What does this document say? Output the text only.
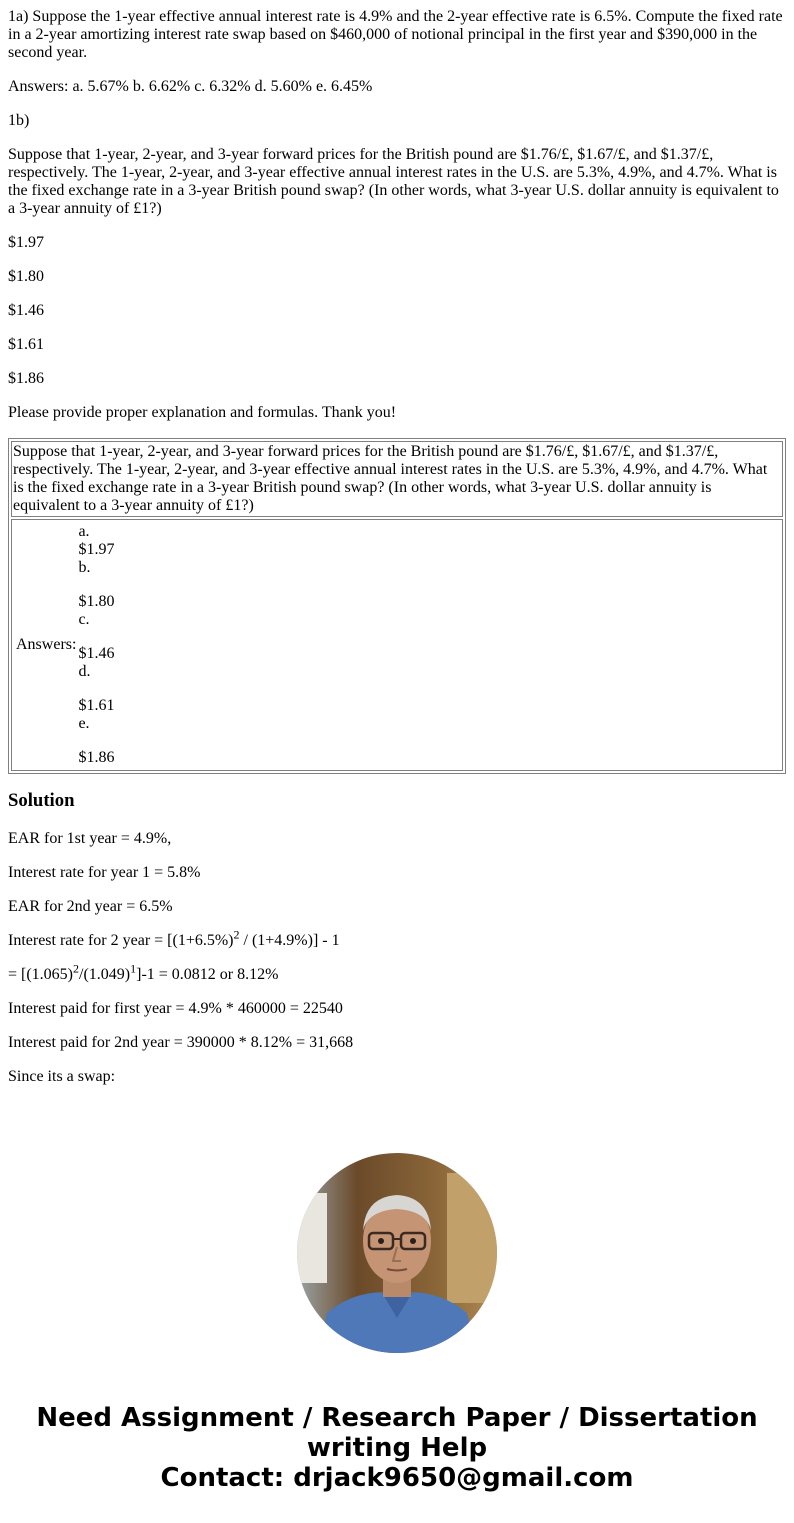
1a) Suppose the 1-year effective annual interest rate is 4.9% and the 2-year effective rate is 6.5%. Compute the fixed rate in a 2-year amortizing interest rate swap based on $460,000 of notional principal in the first year and $390,000 in the second year.

Answers: a. 5.67% b. 6.62% c. 6.32% d. 5.60% e. 6.45%

1b)

Suppose that 1-year, 2-year, and 3-year forward prices for the British pound are $1.76/£, $1.67/£, and $1.37/£, respectively. The 1-year, 2-year, and 3-year effective annual interest rates in the U.S. are 5.3%, 4.9%, and 4.7%. What is the fixed exchange rate in a 3-year British pound swap? (In other words, what 3-year U.S. dollar annuity is equivalent to a 3-year annuity of £1?)

$1.97

$1.80

$1.46

$1.61

$1.86

Please provide proper explanation and formulas. Thank you!

Suppose that 1-year, 2-year, and 3-year forward prices for the British pound are $1.76/£, $1.67/£, and $1.37/£, respectively. The 1-year, 2-year, and 3-year effective annual interest rates in the U.S. are 5.3%, 4.9%, and 4.7%. What is the fixed exchange rate in a 3-year British pound swap? (In other words, what 3-year U.S. dollar annuity is equivalent to a 3-year annuity of £1?)

Answers:	
a.
$1.97
b.
$1.80
c.
$1.46
d.
$1.61
e.
$1.86
Solution

EAR for 1st year = 4.9%,

Interest rate for year 1 = 5.8%

EAR for 2nd year = 6.5%

Interest rate for 2 year = $[(1+6.5\%)^2 / (1+4.9\%)] - 1$

= $[(1.065)^2/(1.049)^1]-1 = 0.0812$ or 8.12%

Interest paid for first year = 4.9% * 460000 = 22540

Interest paid for 2nd year = 390000 * 8.12% = 31,668

Since its a swap:

Need Assignment / Research Paper / Dissertation
writing Help
Contact: drjack9650@gmail.com
